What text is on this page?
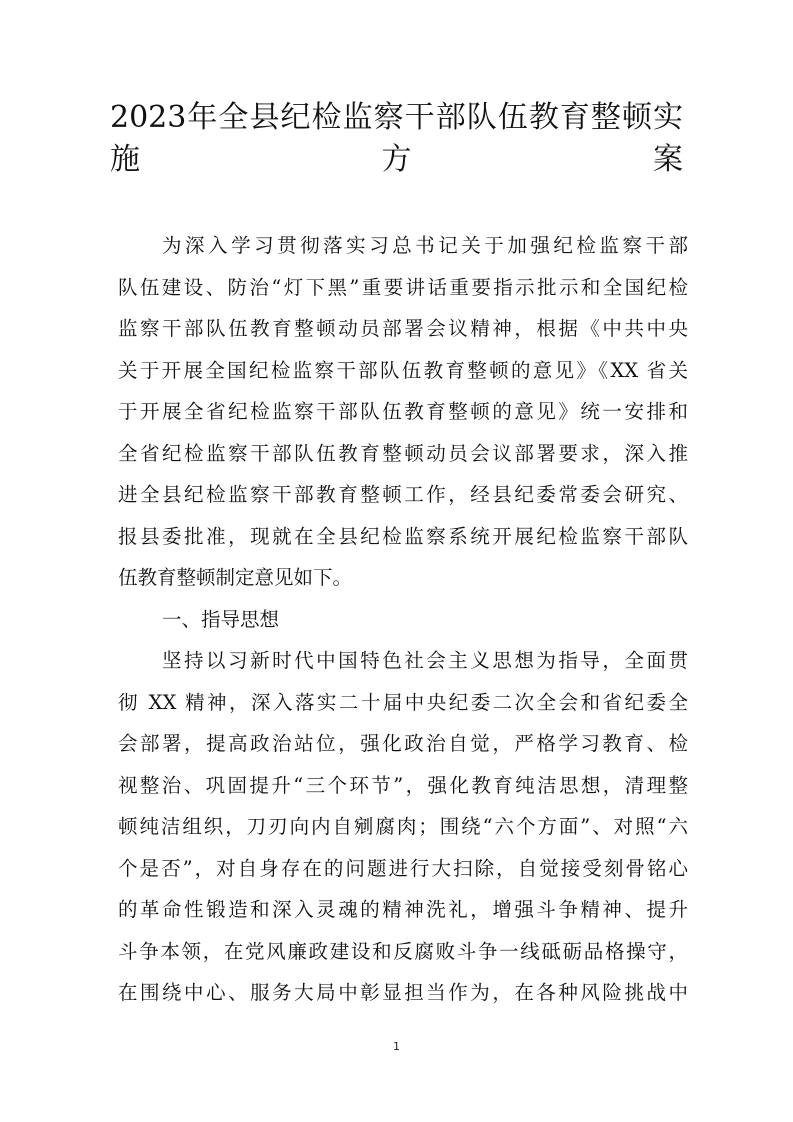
2023年全县纪检监察干部队伍教育整顿实
施方案
为深入学习贯彻落实习总书记关于加强纪检监察干部
队伍建设、防治“灯下黑”重要讲话重要指示批示和全国纪检
监察干部队伍教育整顿动员部署会议精神，根据《中共中央
关于开展全国纪检监察干部队伍教育整顿的意见》《XX 省关
于开展全省纪检监察干部队伍教育整顿的意见》统一安排和
全省纪检监察干部队伍教育整顿动员会议部署要求，深入推
进全县纪检监察干部教育整顿工作，经县纪委常委会研究、
报县委批准，现就在全县纪检监察系统开展纪检监察干部队
伍教育整顿制定意见如下。
一、指导思想
坚持以习新时代中国特色社会主义思想为指导，全面贯
彻 XX 精神，深入落实二十届中央纪委二次全会和省纪委全
会部署，提高政治站位，强化政治自觉，严格学习教育、检
视整治、巩固提升“三个环节”，强化教育纯洁思想，清理整
顿纯洁组织，刀刃向内自剜腐肉；围绕“六个方面”、对照“六
个是否”，对自身存在的问题进行大扫除，自觉接受刻骨铭心
的革命性锻造和深入灵魂的精神洗礼，增强斗争精神、提升
斗争本领，在党风廉政建设和反腐败斗争一线砥砺品格操守，
在围绕中心、服务大局中彰显担当作为，在各种风险挑战中
1
